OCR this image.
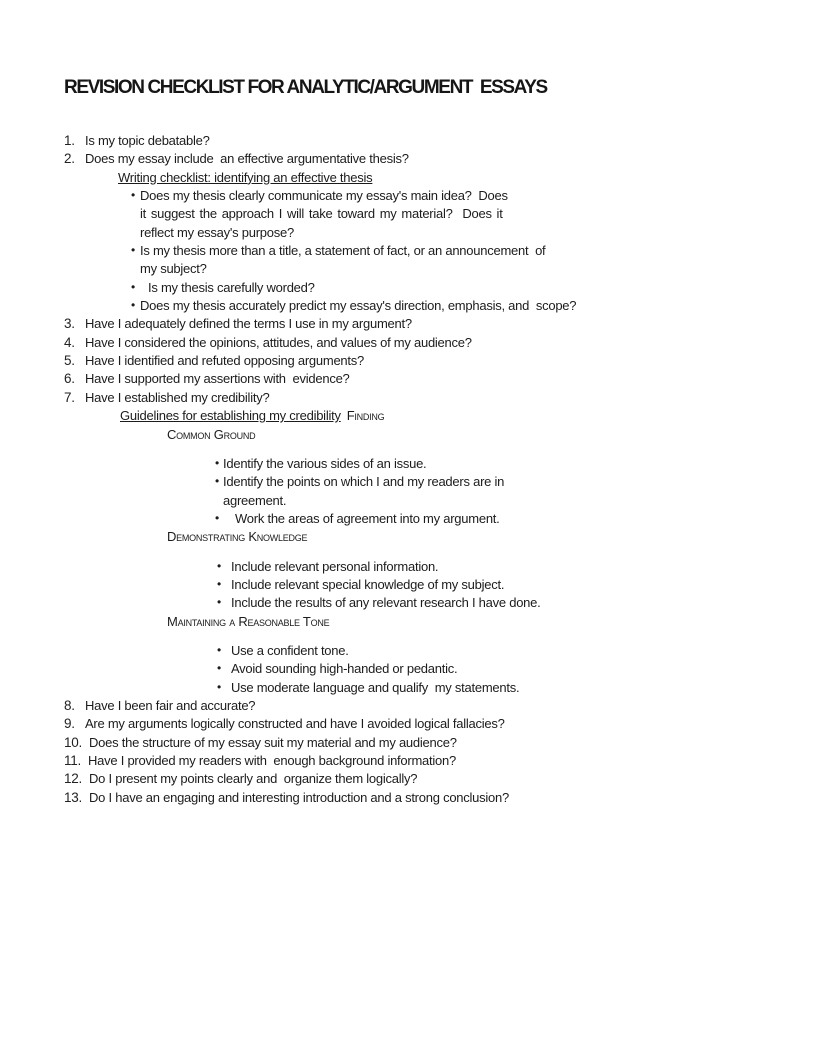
REVISION CHECKLIST FOR ANALYTIC/ARGUMENT  ESSAYS
1. Is my topic debatable?
2. Does my essay include  an effective argumentative thesis?
Writing checklist: identifying an effective thesis
• Does my thesis clearly communicate my essay's main idea?  Does
it suggest the approach I will take toward my material?  Does it
reflect my essay's purpose?
• Is my thesis more than a title, a statement of fact, or an announcement  of
my subject?
• Is my thesis carefully worded?
• Does my thesis accurately predict my essay's direction, emphasis, and  scope?
3. Have I adequately defined the terms I use in my argument?
4. Have I considered the opinions, attitudes, and values of my audience?
5. Have I identified and refuted opposing arguments?
6. Have I supported my assertions with  evidence?
7. Have I established my credibility?
Guidelines for establishing my credibility Finding
Common Ground
• Identify the various sides of an issue.
• Identify the points on which I and my readers are in
agreement.
• Work the areas of agreement into my argument.
Demonstrating Knowledge
• Include relevant personal information.
• Include relevant special knowledge of my subject.
• Include the results of any relevant research I have done.
Maintaining a Reasonable Tone
• Use a confident tone.
• Avoid sounding high-handed or pedantic.
• Use moderate language and qualify  my statements.
8. Have I been fair and accurate?
9. Are my arguments logically constructed and have I avoided logical fallacies?
10. Does the structure of my essay suit my material and my audience?
11. Have I provided my readers with  enough background information?
12. Do I present my points clearly and  organize them logically?
13. Do I have an engaging and interesting introduction and a strong conclusion?
